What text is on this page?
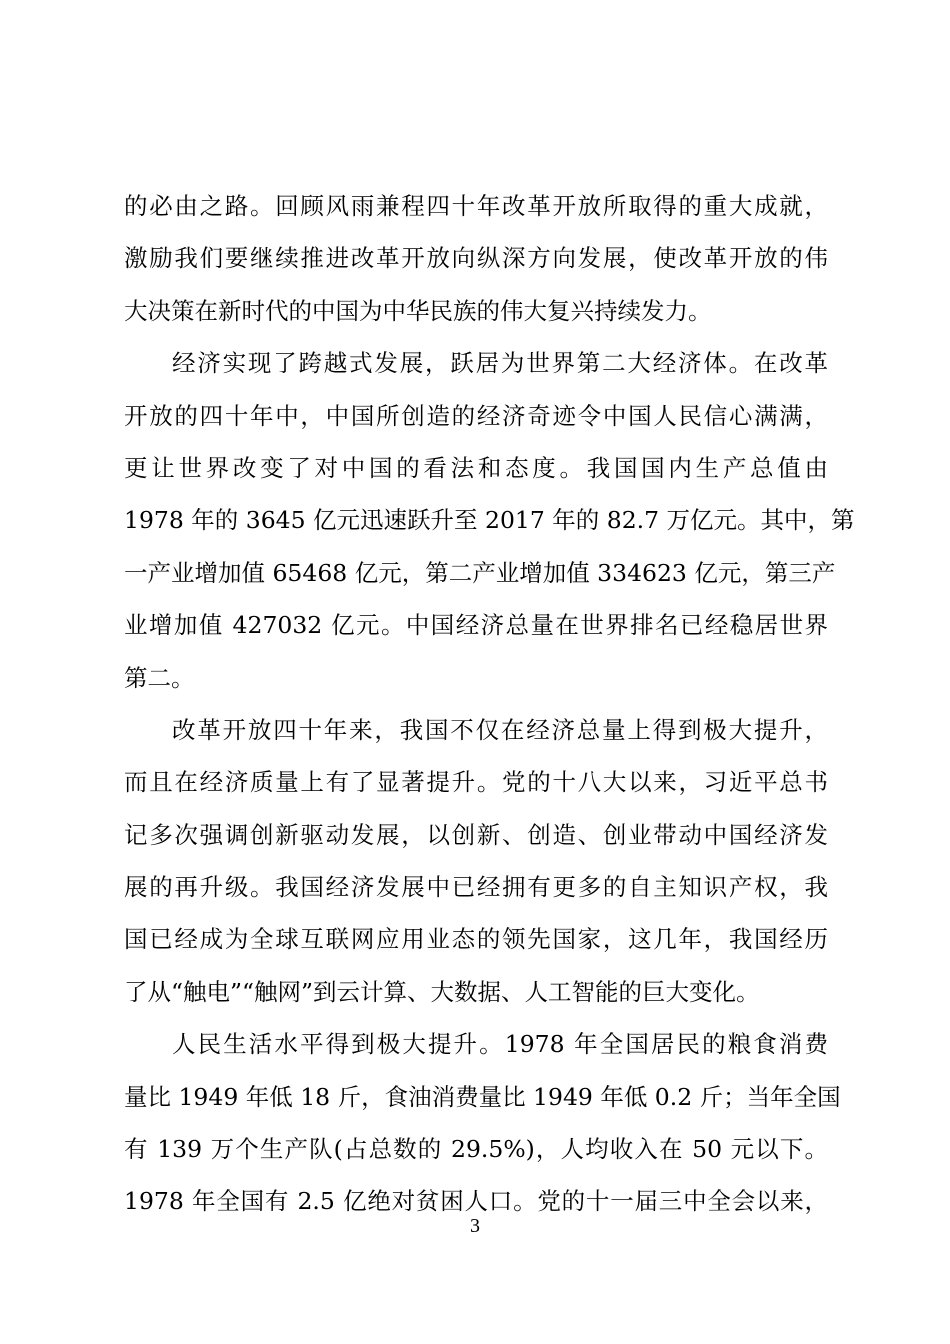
的必由之路。回顾风雨兼程四十年改革开放所取得的重大成就，
激励我们要继续推进改革开放向纵深方向发展，使改革开放的伟
大决策在新时代的中国为中华民族的伟大复兴持续发力。
经济实现了跨越式发展，跃居为世界第二大经济体。在改革
开放的四十年中，中国所创造的经济奇迹令中国人民信心满满，
更让世界改变了对中国的看法和态度。我国国内生产总值由
1978 年的 3645 亿元迅速跃升至 2017 年的 82.7 万亿元。其中，第
一产业增加值 65468 亿元，第二产业增加值 334623 亿元，第三产
业增加值 427032 亿元。中国经济总量在世界排名已经稳居世界
第二。
改革开放四十年来，我国不仅在经济总量上得到极大提升，
而且在经济质量上有了显著提升。党的十八大以来，习近平总书
记多次强调创新驱动发展，以创新、创造、创业带动中国经济发
展的再升级。我国经济发展中已经拥有更多的自主知识产权，我
国已经成为全球互联网应用业态的领先国家，这几年，我国经历
了从“触电”“触网”到云计算、大数据、人工智能的巨大变化。
人民生活水平得到极大提升。1978 年全国居民的粮食消费
量比 1949 年低 18 斤，食油消费量比 1949 年低 0.2 斤；当年全国
有 139 万个生产队(占总数的 29.5%)，人均收入在 50 元以下。
1978 年全国有 2.5 亿绝对贫困人口。党的十一届三中全会以来，
3
